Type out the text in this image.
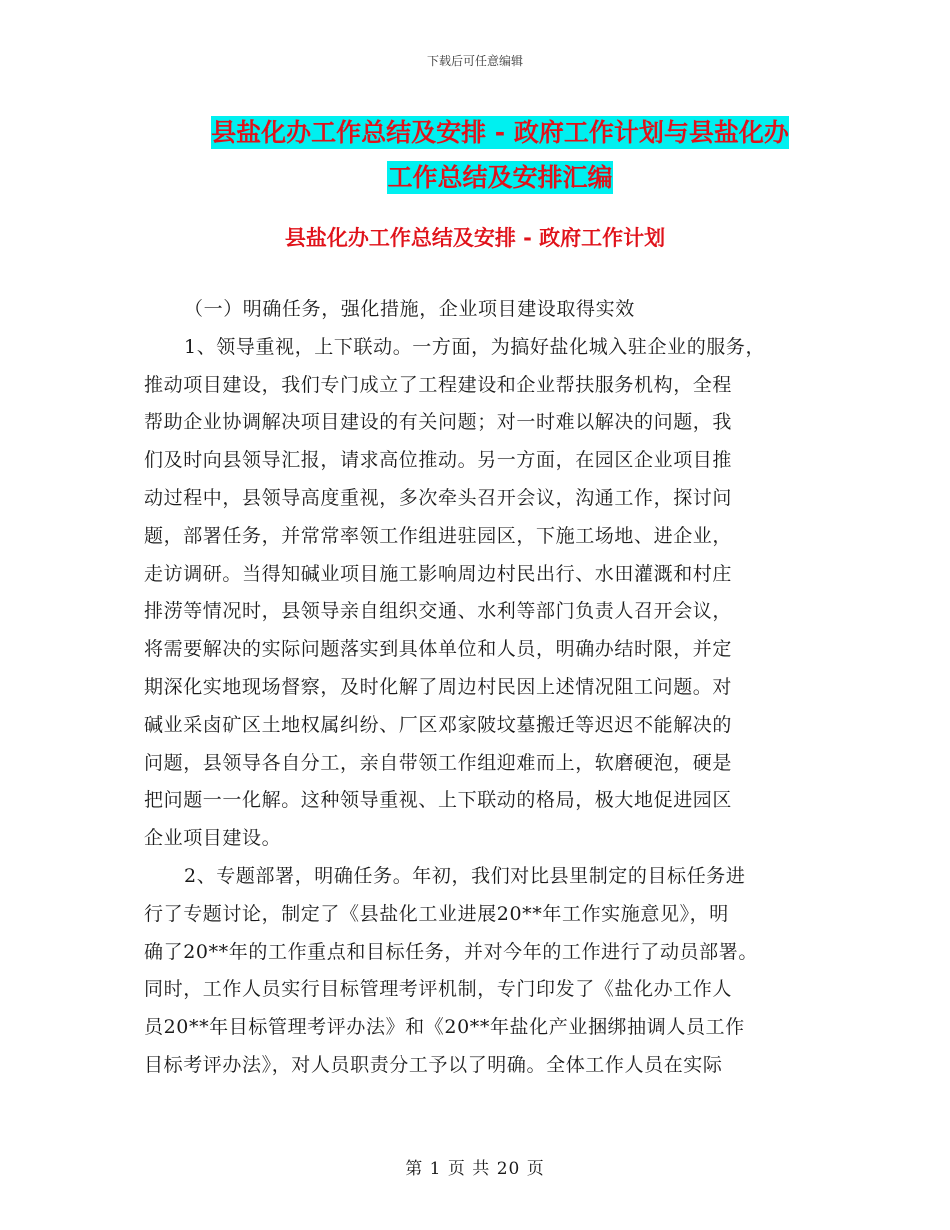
下载后可任意编辑
县盐化办工作总结及安排 - 政府工作计划与县盐化办
工作总结及安排汇编
县盐化办工作总结及安排 - 政府工作计划
（一）明确任务，强化措施，企业项目建设取得实效
1、领导重视，上下联动。一方面，为搞好盐化城入驻企业的服务，
推动项目建设，我们专门成立了工程建设和企业帮扶服务机构，全程
帮助企业协调解决项目建设的有关问题；对一时难以解决的问题，我
们及时向县领导汇报，请求高位推动。另一方面，在园区企业项目推
动过程中，县领导高度重视，多次牵头召开会议，沟通工作，探讨问
题，部署任务，并常常率领工作组进驻园区，下施工场地、进企业，
走访调研。当得知碱业项目施工影响周边村民出行、水田灌溉和村庄
排涝等情况时，县领导亲自组织交通、水利等部门负责人召开会议，
将需要解决的实际问题落实到具体单位和人员，明确办结时限，并定
期深化实地现场督察，及时化解了周边村民因上述情况阻工问题。对
碱业采卤矿区土地权属纠纷、厂区邓家陂坟墓搬迁等迟迟不能解决的
问题，县领导各自分工，亲自带领工作组迎难而上，软磨硬泡，硬是
把问题一一化解。这种领导重视、上下联动的格局，极大地促进园区
企业项目建设。
2、专题部署，明确任务。年初，我们对比县里制定的目标任务进
行了专题讨论，制定了《县盐化工业进展20**年工作实施意见》，明
确了20**年的工作重点和目标任务，并对今年的工作进行了动员部署。
同时，工作人员实行目标管理考评机制，专门印发了《盐化办工作人
员20**年目标管理考评办法》和《20**年盐化产业捆绑抽调人员工作
目标考评办法》，对人员职责分工予以了明确。全体工作人员在实际
第 1 页 共 20 页
